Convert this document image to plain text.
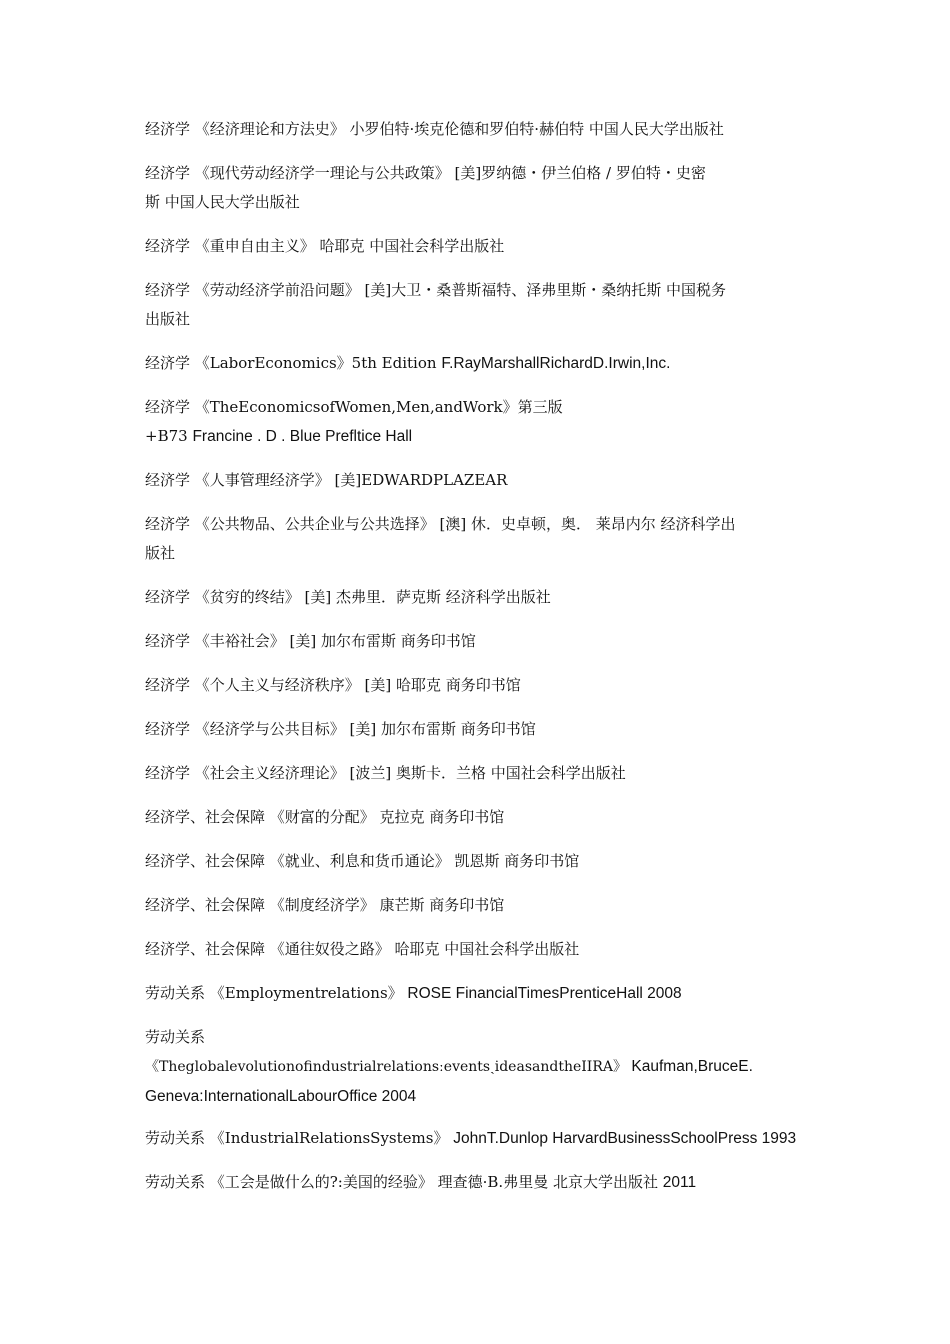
经济学 《经济理论和方法史》 小罗伯特·埃克伦德和罗伯特·赫伯特 中国人民大学出版社

经济学 《现代劳动经济学一理论与公共政策》 [美]罗纳德・伊兰伯格 / 罗伯特・史密
斯 中国人民大学出版社

经济学 《重申自由主义》 哈耶克 中国社会科学出版社

经济学 《劳动经济学前沿问题》 [美]大卫・桑普斯福特、泽弗里斯・桑纳托斯 中国税务
出版社

经济学 《LaborEconomics》5th Edition F.RayMarshallRichardD.Irwin,Inc.

经济学 《TheEconomicsofWomen,Men,andWork》第三版
+B73 Francine . D . Blue Prefltice Hall

经济学 《人事管理经济学》 [美]EDWARDPLAZEAR

经济学 《公共物品、公共企业与公共选择》 [澳] 休．史卓顿，奥． 莱昂内尔 经济科学出
版社

经济学 《贫穷的终结》 [美] 杰弗里．萨克斯 经济科学出版社

经济学 《丰裕社会》 [美] 加尔布雷斯 商务印书馆

经济学 《个人主义与经济秩序》 [美] 哈耶克 商务印书馆

经济学 《经济学与公共目标》 [美] 加尔布雷斯 商务印书馆

经济学 《社会主义经济理论》 [波兰] 奥斯卡．兰格 中国社会科学出版社

经济学、社会保障 《财富的分配》 克拉克 商务印书馆

经济学、社会保障 《就业、利息和货币通论》 凯恩斯 商务印书馆

经济学、社会保障 《制度经济学》 康芒斯 商务印书馆

经济学、社会保障 《通往奴役之路》 哈耶克 中国社会科学出版社

劳动关系 《Employmentrelations》 ROSE FinancialTimesPrenticeHall 2008

劳动关系
《TheglobalevolutionofindustrialrelationsːeventsˏideasandtheIIRA》 Kaufman,BruceE.
Geneva:InternationalLabourOffice 2004

劳动关系 《IndustrialRelationsSystems》 JohnT.Dunlop HarvardBusinessSchoolPress 1993

劳动关系 《工会是做什么的?:美国的经验》 理查德·B.弗里曼 北京大学出版社 2011
